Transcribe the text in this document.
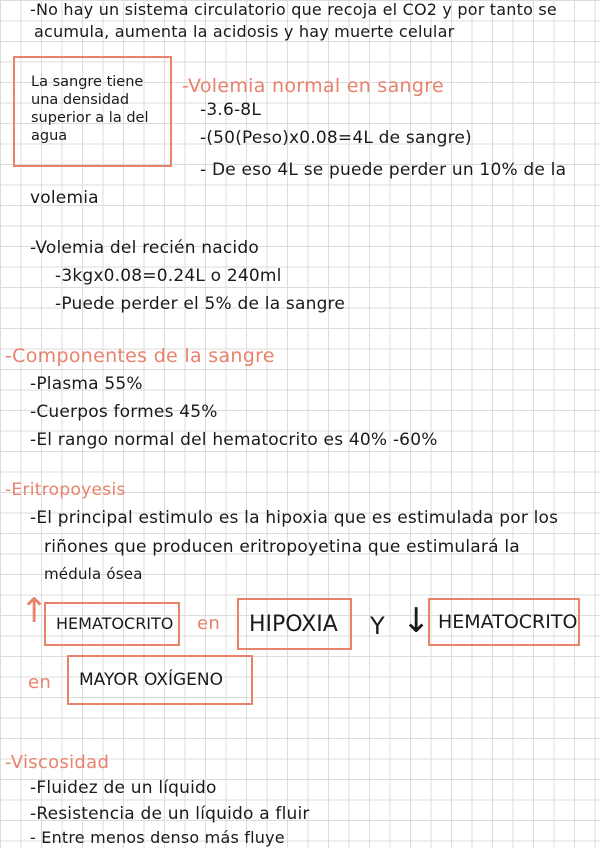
-No hay un sistema circulatorio que recoja el CO2 y por tanto se
acumula, aumenta la acidosis y hay muerte celular
La sangre tiene
una densidad
superior a la del
agua
-Volemia normal en sangre
-3.6-8L
-(50(Peso)x0.08=4L de sangre)
- De eso 4L se puede perder un 10% de la
volemia
-Volemia del recién nacido
-3kgx0.08=0.24L o 240ml
-Puede perder el 5% de la sangre
-Componentes de la sangre
-Plasma 55%
-Cuerpos formes 45%
-El rango normal del hematocrito es 40% -60%
-Eritropoyesis
-El principal estimulo es la hipoxia que es estimulada por los
riñones que producen eritropoyetina que estimulará la
médula ósea
↑ HEMATOCRITO en HIPOXIA Y ↓ HEMATOCRITO
en MAYOR OXÍGENO
-Viscosidad
-Fluidez de un líquido
-Resistencia de un líquido a fluir
- Entre menos denso más fluye
